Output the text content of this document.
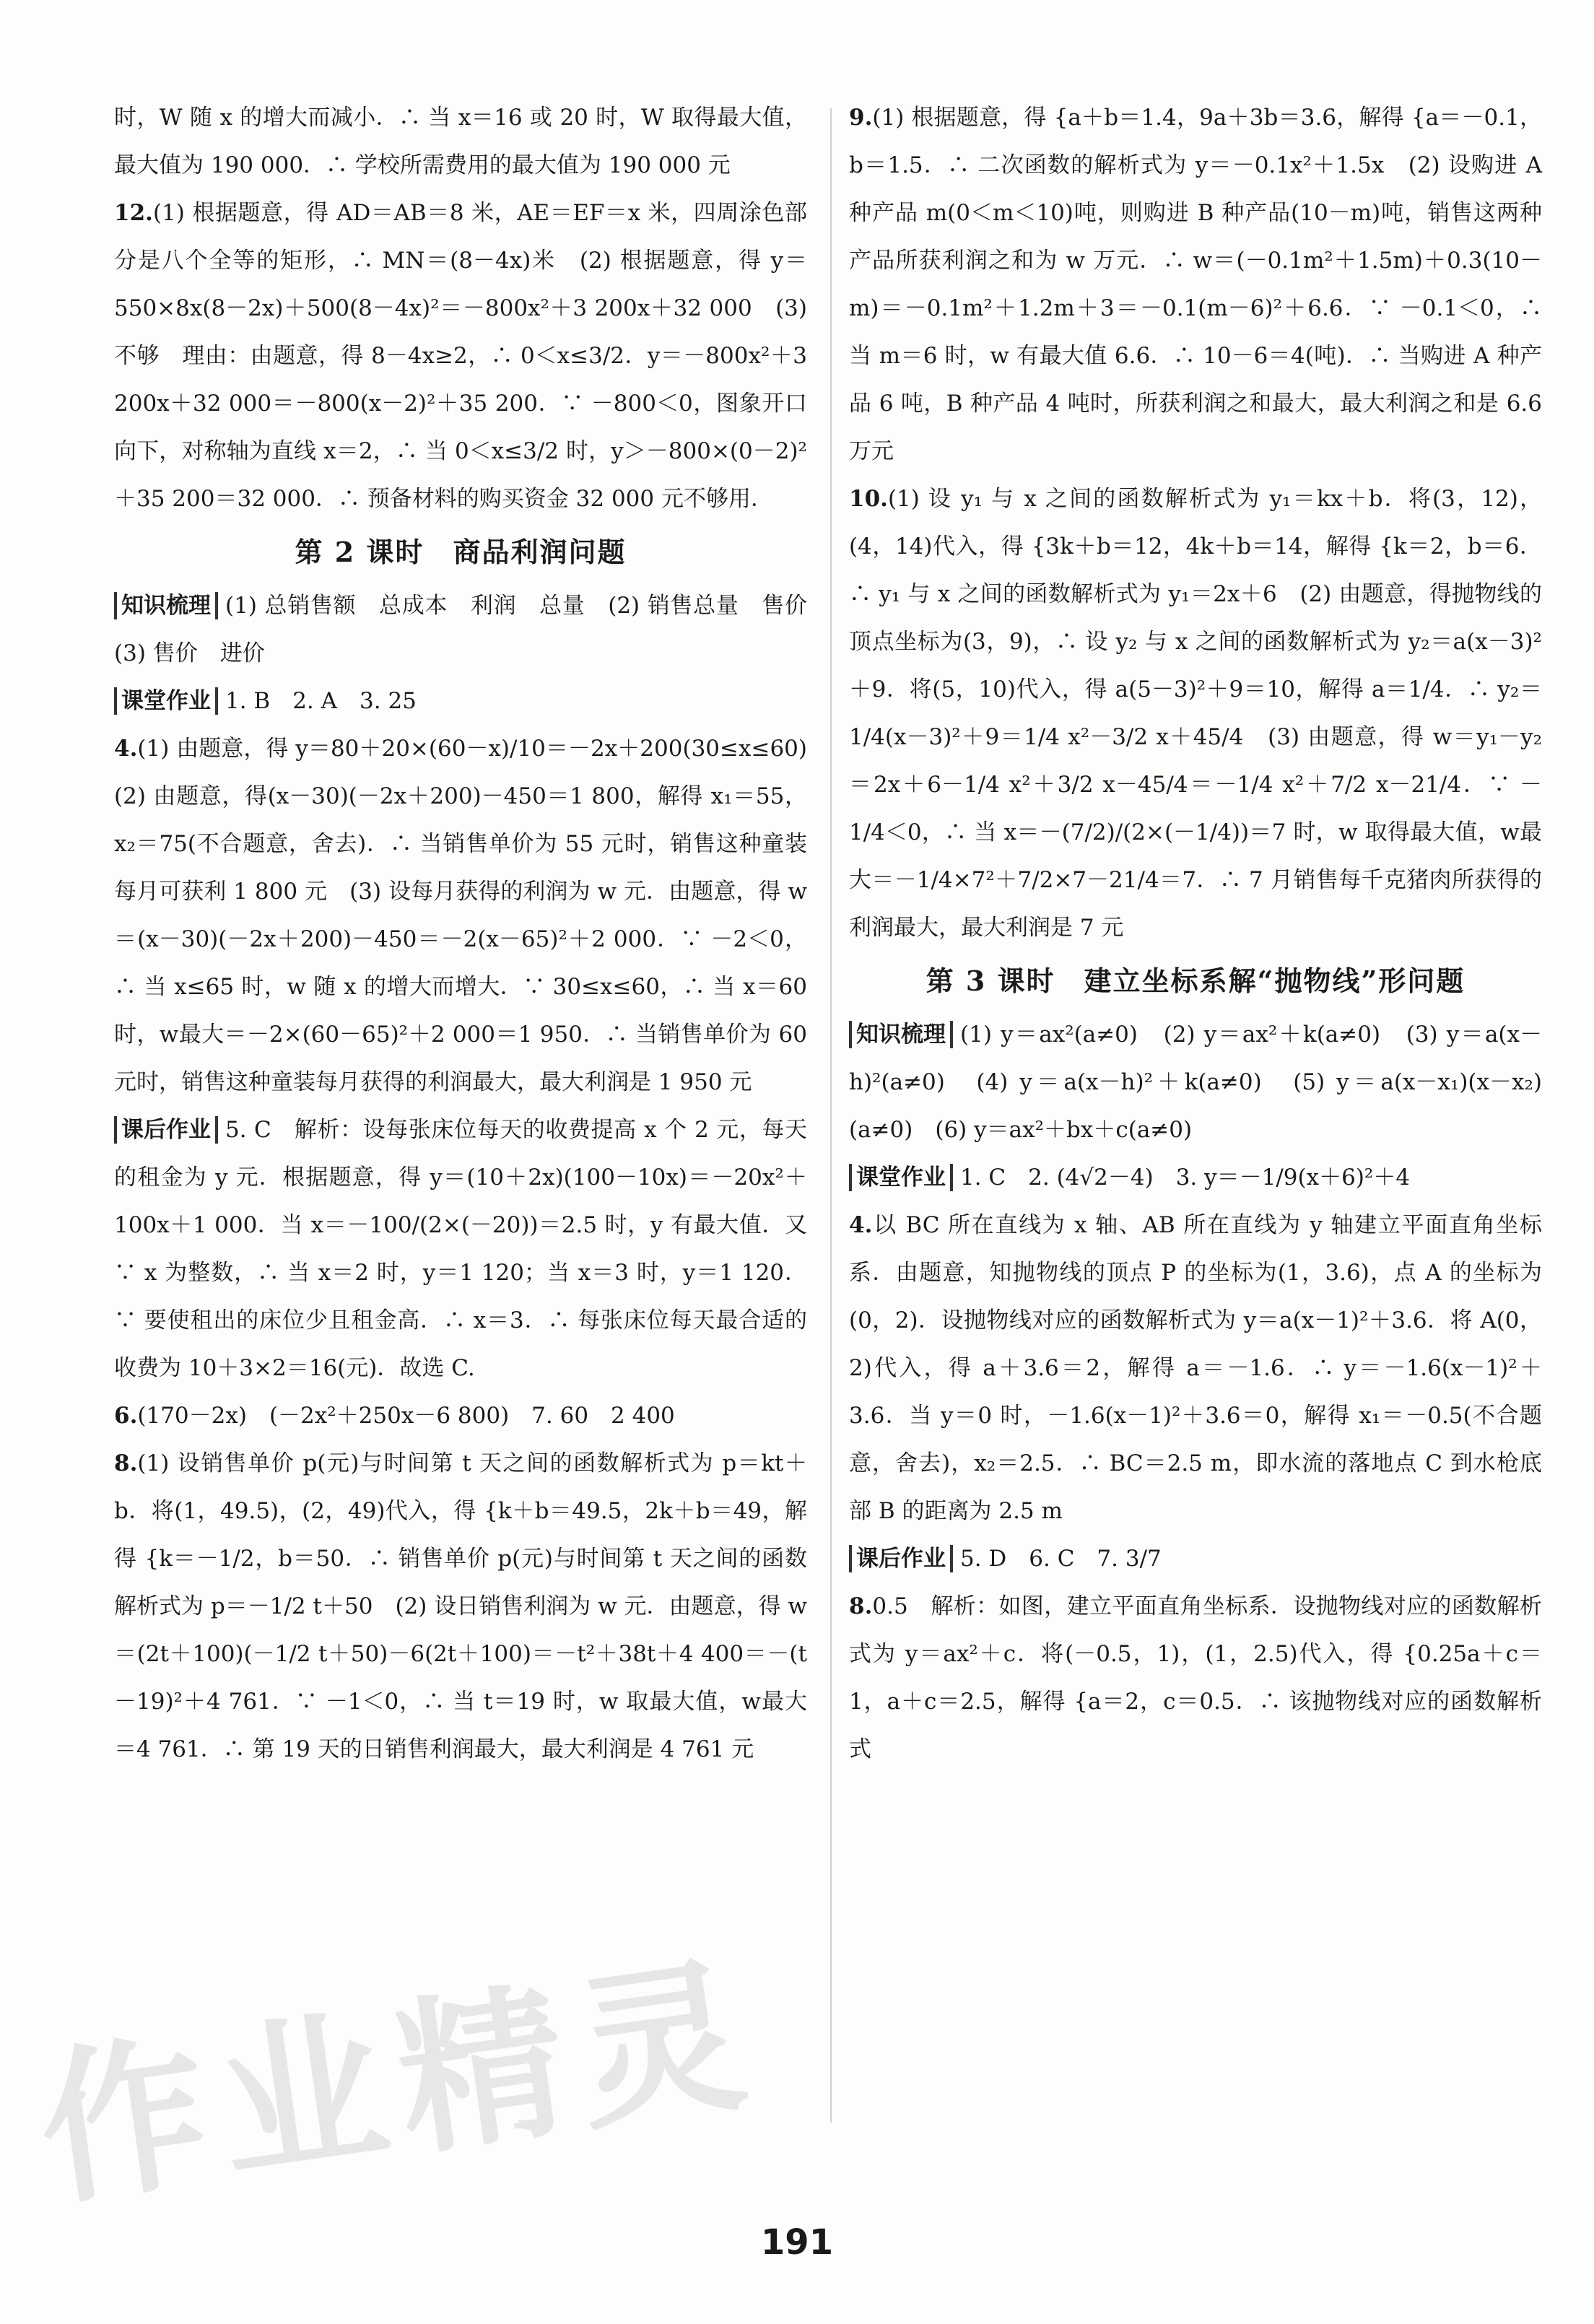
时，W 随 x 的增大而减小．∴ 当 x＝16 或 20 时，W 取得最大值，最大值为 190 000．∴ 学校所需费用的最大值为 190 000 元

12.(1) 根据题意，得 AD＝AB＝8 米，AE＝EF＝x 米，四周涂色部分是八个全等的矩形，∴ MN＝(8－4x)米　(2) 根据题意，得 y＝550×8x(8－2x)＋500(8－4x)²＝－800x²＋3 200x＋32 000　(3) 不够　理由：由题意，得 8－4x≥2，∴ 0＜x≤3/2．y＝－800x²＋3 200x＋32 000＝－800(x－2)²＋35 200．∵ －800＜0，图象开口向下，对称轴为直线 x＝2，∴ 当 0＜x≤3/2 时，y＞－800×(0－2)²＋35 200＝32 000．∴ 预备材料的购买资金 32 000 元不够用．

第 2 课时　商品利润问题

知识梳理 (1) 总销售额　总成本　利润　总量　(2) 销售总量　售价　(3) 售价　进价

课堂作业 1. B　2. A　3. 25

4.(1) 由题意，得 y＝80＋20×(60－x)/10＝－2x＋200(30≤x≤60)　(2) 由题意，得(x－30)(－2x＋200)－450＝1 800，解得 x₁＝55，x₂＝75(不合题意，舍去)．∴ 当销售单价为 55 元时，销售这种童装每月可获利 1 800 元　(3) 设每月获得的利润为 w 元．由题意，得 w＝(x－30)(－2x＋200)－450＝－2(x－65)²＋2 000．∵ －2＜0，∴ 当 x≤65 时，w 随 x 的增大而增大．∵ 30≤x≤60，∴ 当 x＝60 时，w最大＝－2×(60－65)²＋2 000＝1 950．∴ 当销售单价为 60 元时，销售这种童装每月获得的利润最大，最大利润是 1 950 元

课后作业 5. C　解析：设每张床位每天的收费提高 x 个 2 元，每天的租金为 y 元．根据题意，得 y＝(10＋2x)(100－10x)＝－20x²＋100x＋1 000．当 x＝－100/(2×(－20))＝2.5 时，y 有最大值．又∵ x 为整数，∴ 当 x＝2 时，y＝1 120；当 x＝3 时，y＝1 120．∵ 要使租出的床位少且租金高．∴ x＝3．∴ 每张床位每天最合适的收费为 10＋3×2＝16(元)．故选 C.

6.(170－2x)　(－2x²＋250x－6 800)　7. 60　2 400

8.(1) 设销售单价 p(元)与时间第 t 天之间的函数解析式为 p＝kt＋b．将(1，49.5)，(2，49)代入，得 {k＋b＝49.5，2k＋b＝49，解得 {k＝－1/2，b＝50．∴ 销售单价 p(元)与时间第 t 天之间的函数解析式为 p＝－1/2 t＋50　(2) 设日销售利润为 w 元．由题意，得 w＝(2t＋100)(－1/2 t＋50)－6(2t＋100)＝－t²＋38t＋4 400＝－(t－19)²＋4 761．∵ －1＜0，∴ 当 t＝19 时，w 取最大值，w最大＝4 761．∴ 第 19 天的日销售利润最大，最大利润是 4 761 元

9.(1) 根据题意，得 {a＋b＝1.4，9a＋3b＝3.6，解得 {a＝－0.1，b＝1.5．∴ 二次函数的解析式为 y＝－0.1x²＋1.5x　(2) 设购进 A 种产品 m(0＜m＜10)吨，则购进 B 种产品(10－m)吨，销售这两种产品所获利润之和为 w 万元．∴ w＝(－0.1m²＋1.5m)＋0.3(10－m)＝－0.1m²＋1.2m＋3＝－0.1(m－6)²＋6.6．∵ －0.1＜0，∴ 当 m＝6 时，w 有最大值 6.6．∴ 10－6＝4(吨)．∴ 当购进 A 种产品 6 吨，B 种产品 4 吨时，所获利润之和最大，最大利润之和是 6.6 万元

10.(1) 设 y₁ 与 x 之间的函数解析式为 y₁＝kx＋b．将(3，12)，(4，14)代入，得 {3k＋b＝12，4k＋b＝14，解得 {k＝2，b＝6．∴ y₁ 与 x 之间的函数解析式为 y₁＝2x＋6　(2) 由题意，得抛物线的顶点坐标为(3，9)，∴ 设 y₂ 与 x 之间的函数解析式为 y₂＝a(x－3)²＋9．将(5，10)代入，得 a(5－3)²＋9＝10，解得 a＝1/4．∴ y₂＝1/4(x－3)²＋9＝1/4 x²－3/2 x＋45/4　(3) 由题意，得 w＝y₁－y₂＝2x＋6－1/4 x²＋3/2 x－45/4＝－1/4 x²＋7/2 x－21/4．∵ －1/4＜0，∴ 当 x＝－(7/2)/(2×(－1/4))＝7 时，w 取得最大值，w最大＝－1/4×7²＋7/2×7－21/4＝7．∴ 7 月销售每千克猪肉所获得的利润最大，最大利润是 7 元

第 3 课时　建立坐标系解“抛物线”形问题

知识梳理 (1) y＝ax²(a≠0)　(2) y＝ax²＋k(a≠0)　(3) y＝a(x－h)²(a≠0)　(4) y＝a(x－h)²＋k(a≠0)　(5) y＝a(x－x₁)(x－x₂)(a≠0)　(6) y＝ax²＋bx＋c(a≠0)

课堂作业 1. C　2. (4√2－4)　3. y＝－1/9(x＋6)²＋4

4.以 BC 所在直线为 x 轴、AB 所在直线为 y 轴建立平面直角坐标系．由题意，知抛物线的顶点 P 的坐标为(1，3.6)，点 A 的坐标为(0，2)．设抛物线对应的函数解析式为 y＝a(x－1)²＋3.6．将 A(0，2)代入，得 a＋3.6＝2，解得 a＝－1.6．∴ y＝－1.6(x－1)²＋3.6．当 y＝0 时，－1.6(x－1)²＋3.6＝0，解得 x₁＝－0.5(不合题意，舍去)，x₂＝2.5．∴ BC＝2.5 m，即水流的落地点 C 到水枪底部 B 的距离为 2.5 m

课后作业 5. D　6. C　7. 3/7

8.0.5　解析：如图，建立平面直角坐标系．设抛物线对应的函数解析式为 y＝ax²＋c．将(－0.5，1)，(1，2.5)代入，得 {0.25a＋c＝1，a＋c＝2.5，解得 {a＝2，c＝0.5．∴ 该抛物线对应的函数解析式

作业精灵
191
